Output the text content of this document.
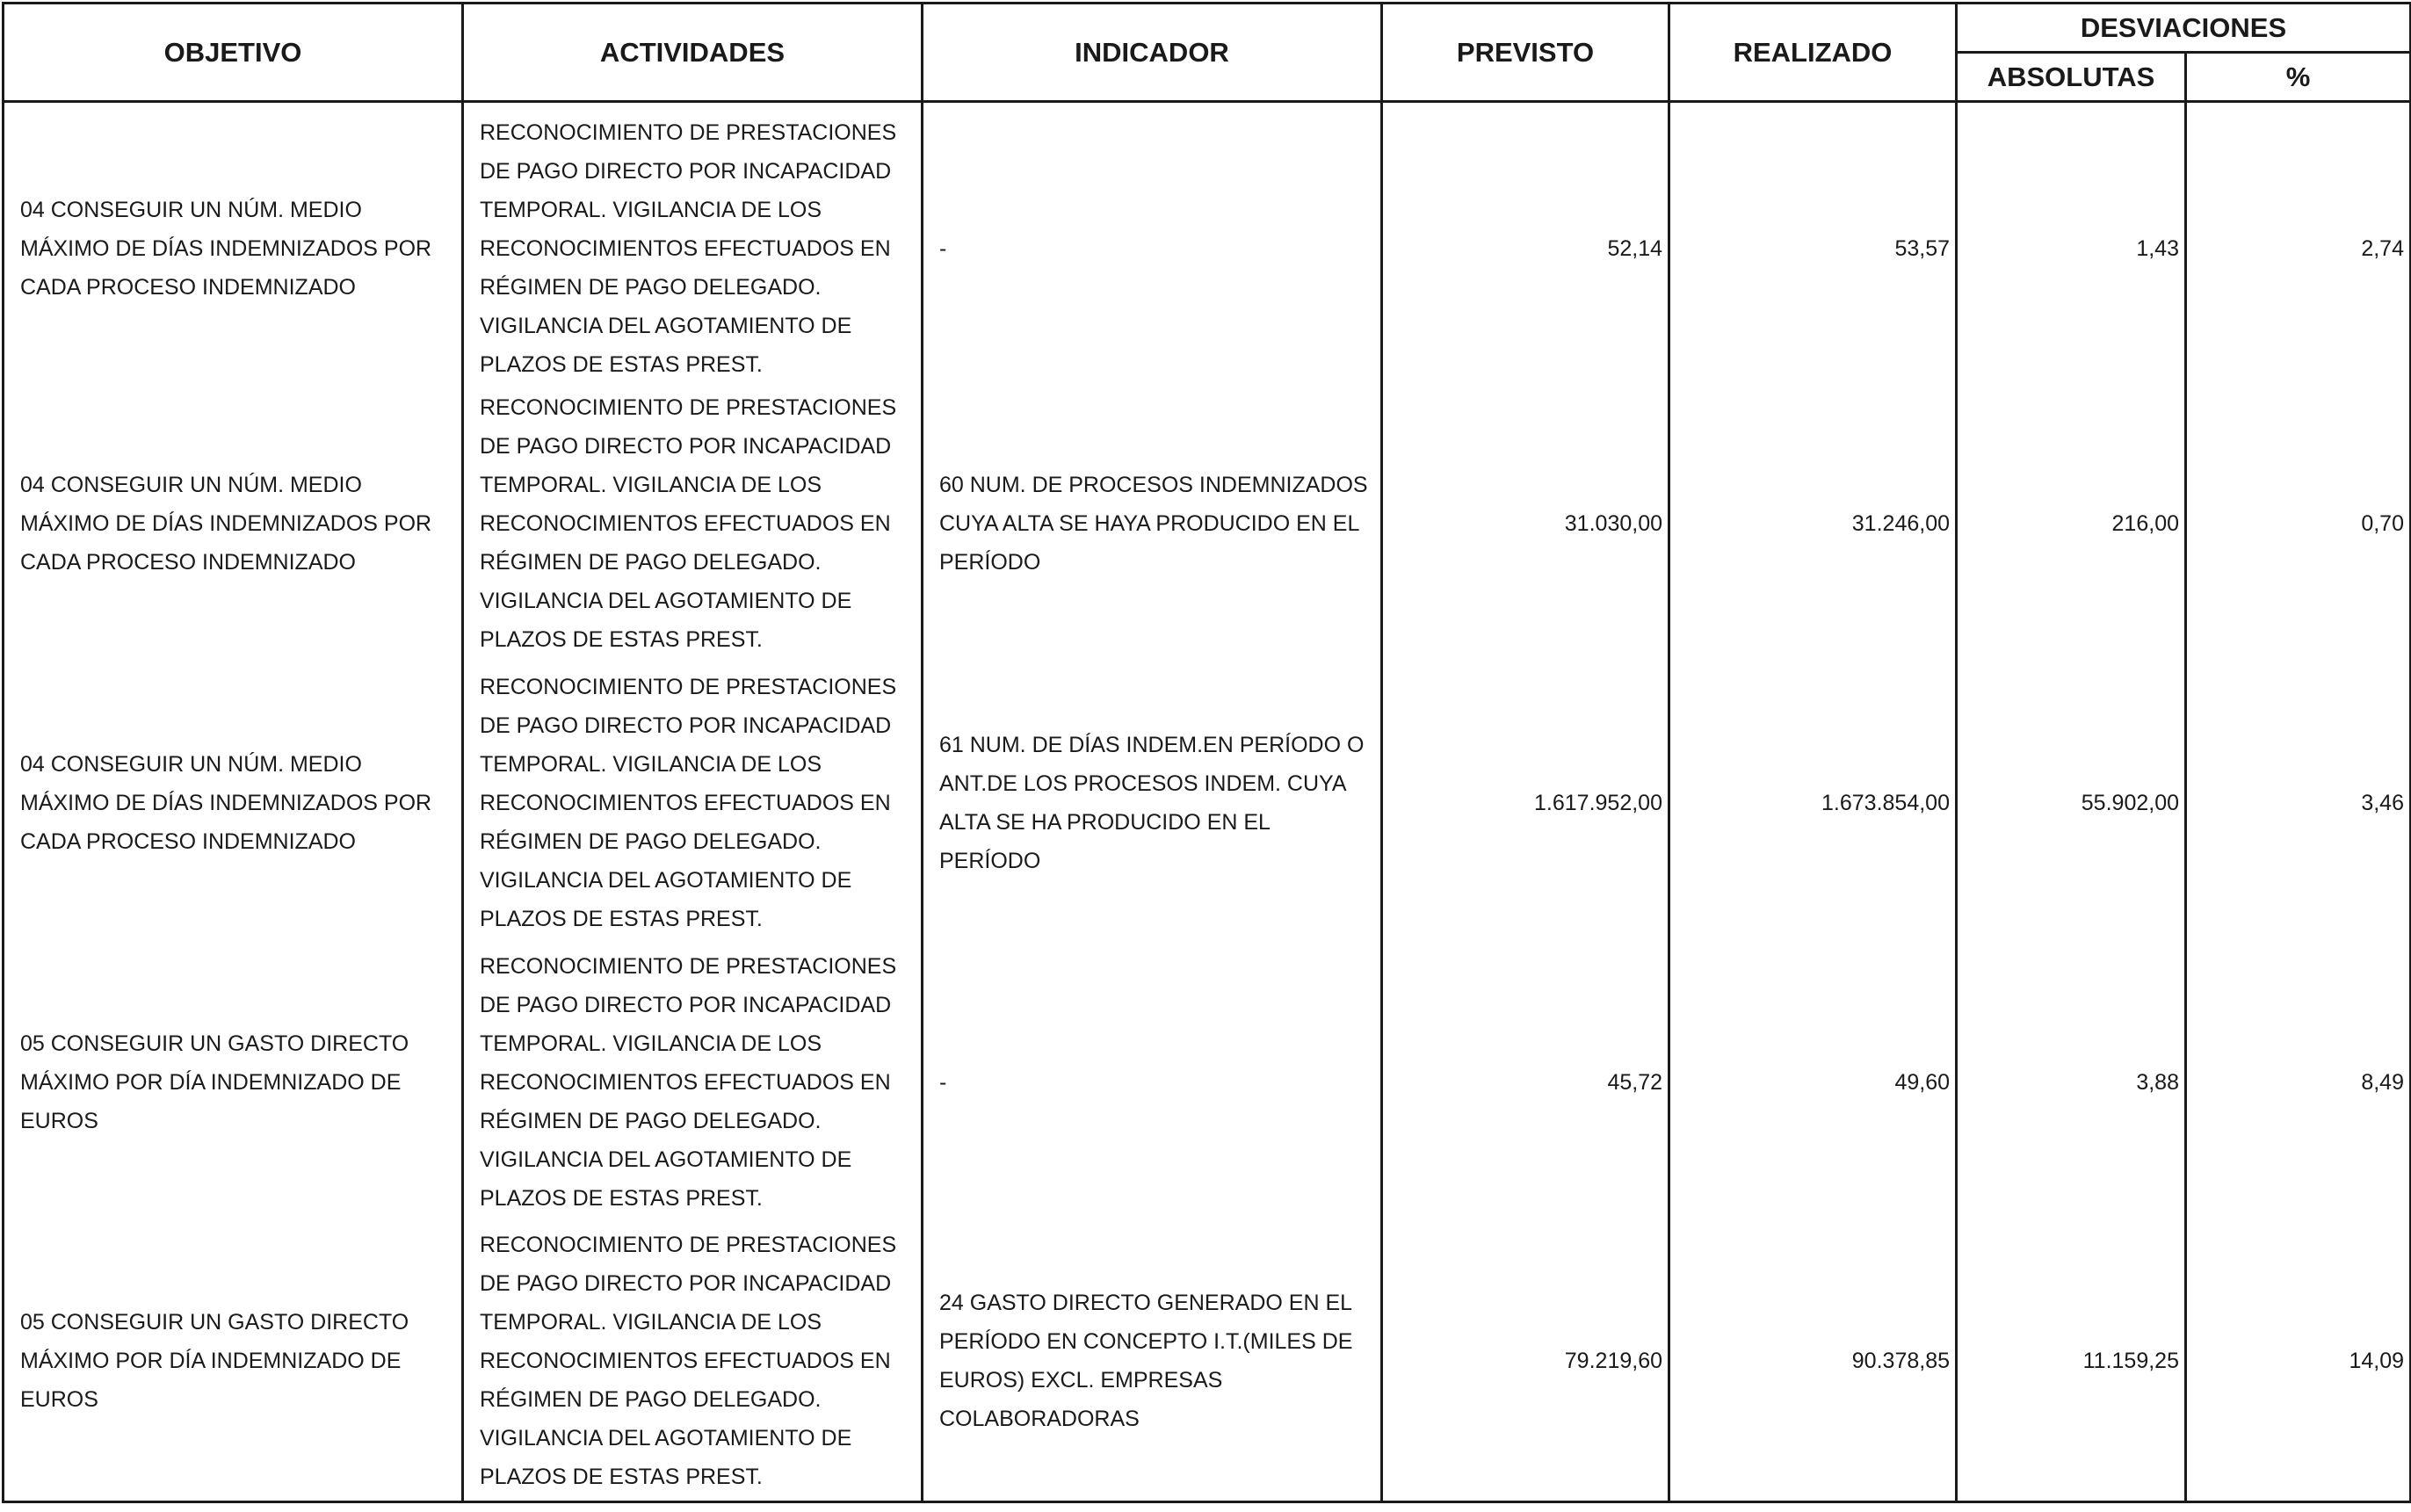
OBJETIVO	ACTIVIDADES	INDICADOR	PREVISTO	REALIZADO	DESVIACIONES	
					ABSOLUTAS	%

04 CONSEGUIR UN NÚM. MEDIO MÁXIMO DE DÍAS INDEMNIZADOS POR CADA PROCESO INDEMNIZADO	RECONOCIMIENTO DE PRESTACIONES DE PAGO DIRECTO POR INCAPACIDAD TEMPORAL. VIGILANCIA DE LOS RECONOCIMIENTOS EFECTUADOS EN RÉGIMEN DE PAGO DELEGADO. VIGILANCIA DEL AGOTAMIENTO DE PLAZOS DE ESTAS PREST.	-	52,14	53,57	1,43	2,74

04 CONSEGUIR UN NÚM. MEDIO MÁXIMO DE DÍAS INDEMNIZADOS POR CADA PROCESO INDEMNIZADO	RECONOCIMIENTO DE PRESTACIONES DE PAGO DIRECTO POR INCAPACIDAD TEMPORAL. VIGILANCIA DE LOS RECONOCIMIENTOS EFECTUADOS EN RÉGIMEN DE PAGO DELEGADO. VIGILANCIA DEL AGOTAMIENTO DE PLAZOS DE ESTAS PREST.	60 NUM. DE PROCESOS INDEMNIZADOS CUYA ALTA SE HAYA PRODUCIDO EN EL PERÍODO	31.030,00	31.246,00	216,00	0,70

04 CONSEGUIR UN NÚM. MEDIO MÁXIMO DE DÍAS INDEMNIZADOS POR CADA PROCESO INDEMNIZADO	RECONOCIMIENTO DE PRESTACIONES DE PAGO DIRECTO POR INCAPACIDAD TEMPORAL. VIGILANCIA DE LOS RECONOCIMIENTOS EFECTUADOS EN RÉGIMEN DE PAGO DELEGADO. VIGILANCIA DEL AGOTAMIENTO DE PLAZOS DE ESTAS PREST.	61 NUM. DE DÍAS INDEM.EN PERÍODO O ANT.DE LOS PROCESOS INDEM. CUYA ALTA SE HA PRODUCIDO EN EL PERÍODO	1.617.952,00	1.673.854,00	55.902,00	3,46

05 CONSEGUIR UN GASTO DIRECTO MÁXIMO POR DÍA INDEMNIZADO DE EUROS	RECONOCIMIENTO DE PRESTACIONES DE PAGO DIRECTO POR INCAPACIDAD TEMPORAL. VIGILANCIA DE LOS RECONOCIMIENTOS EFECTUADOS EN RÉGIMEN DE PAGO DELEGADO. VIGILANCIA DEL AGOTAMIENTO DE PLAZOS DE ESTAS PREST.	-	45,72	49,60	3,88	8,49

05 CONSEGUIR UN GASTO DIRECTO MÁXIMO POR DÍA INDEMNIZADO DE EUROS	RECONOCIMIENTO DE PRESTACIONES DE PAGO DIRECTO POR INCAPACIDAD TEMPORAL. VIGILANCIA DE LOS RECONOCIMIENTOS EFECTUADOS EN RÉGIMEN DE PAGO DELEGADO. VIGILANCIA DEL AGOTAMIENTO DE PLAZOS DE ESTAS PREST.	24 GASTO DIRECTO GENERADO EN EL PERÍODO EN CONCEPTO I.T.(MILES DE EUROS) EXCL. EMPRESAS COLABORADORAS	79.219,60	90.378,85	11.159,25	14,09
